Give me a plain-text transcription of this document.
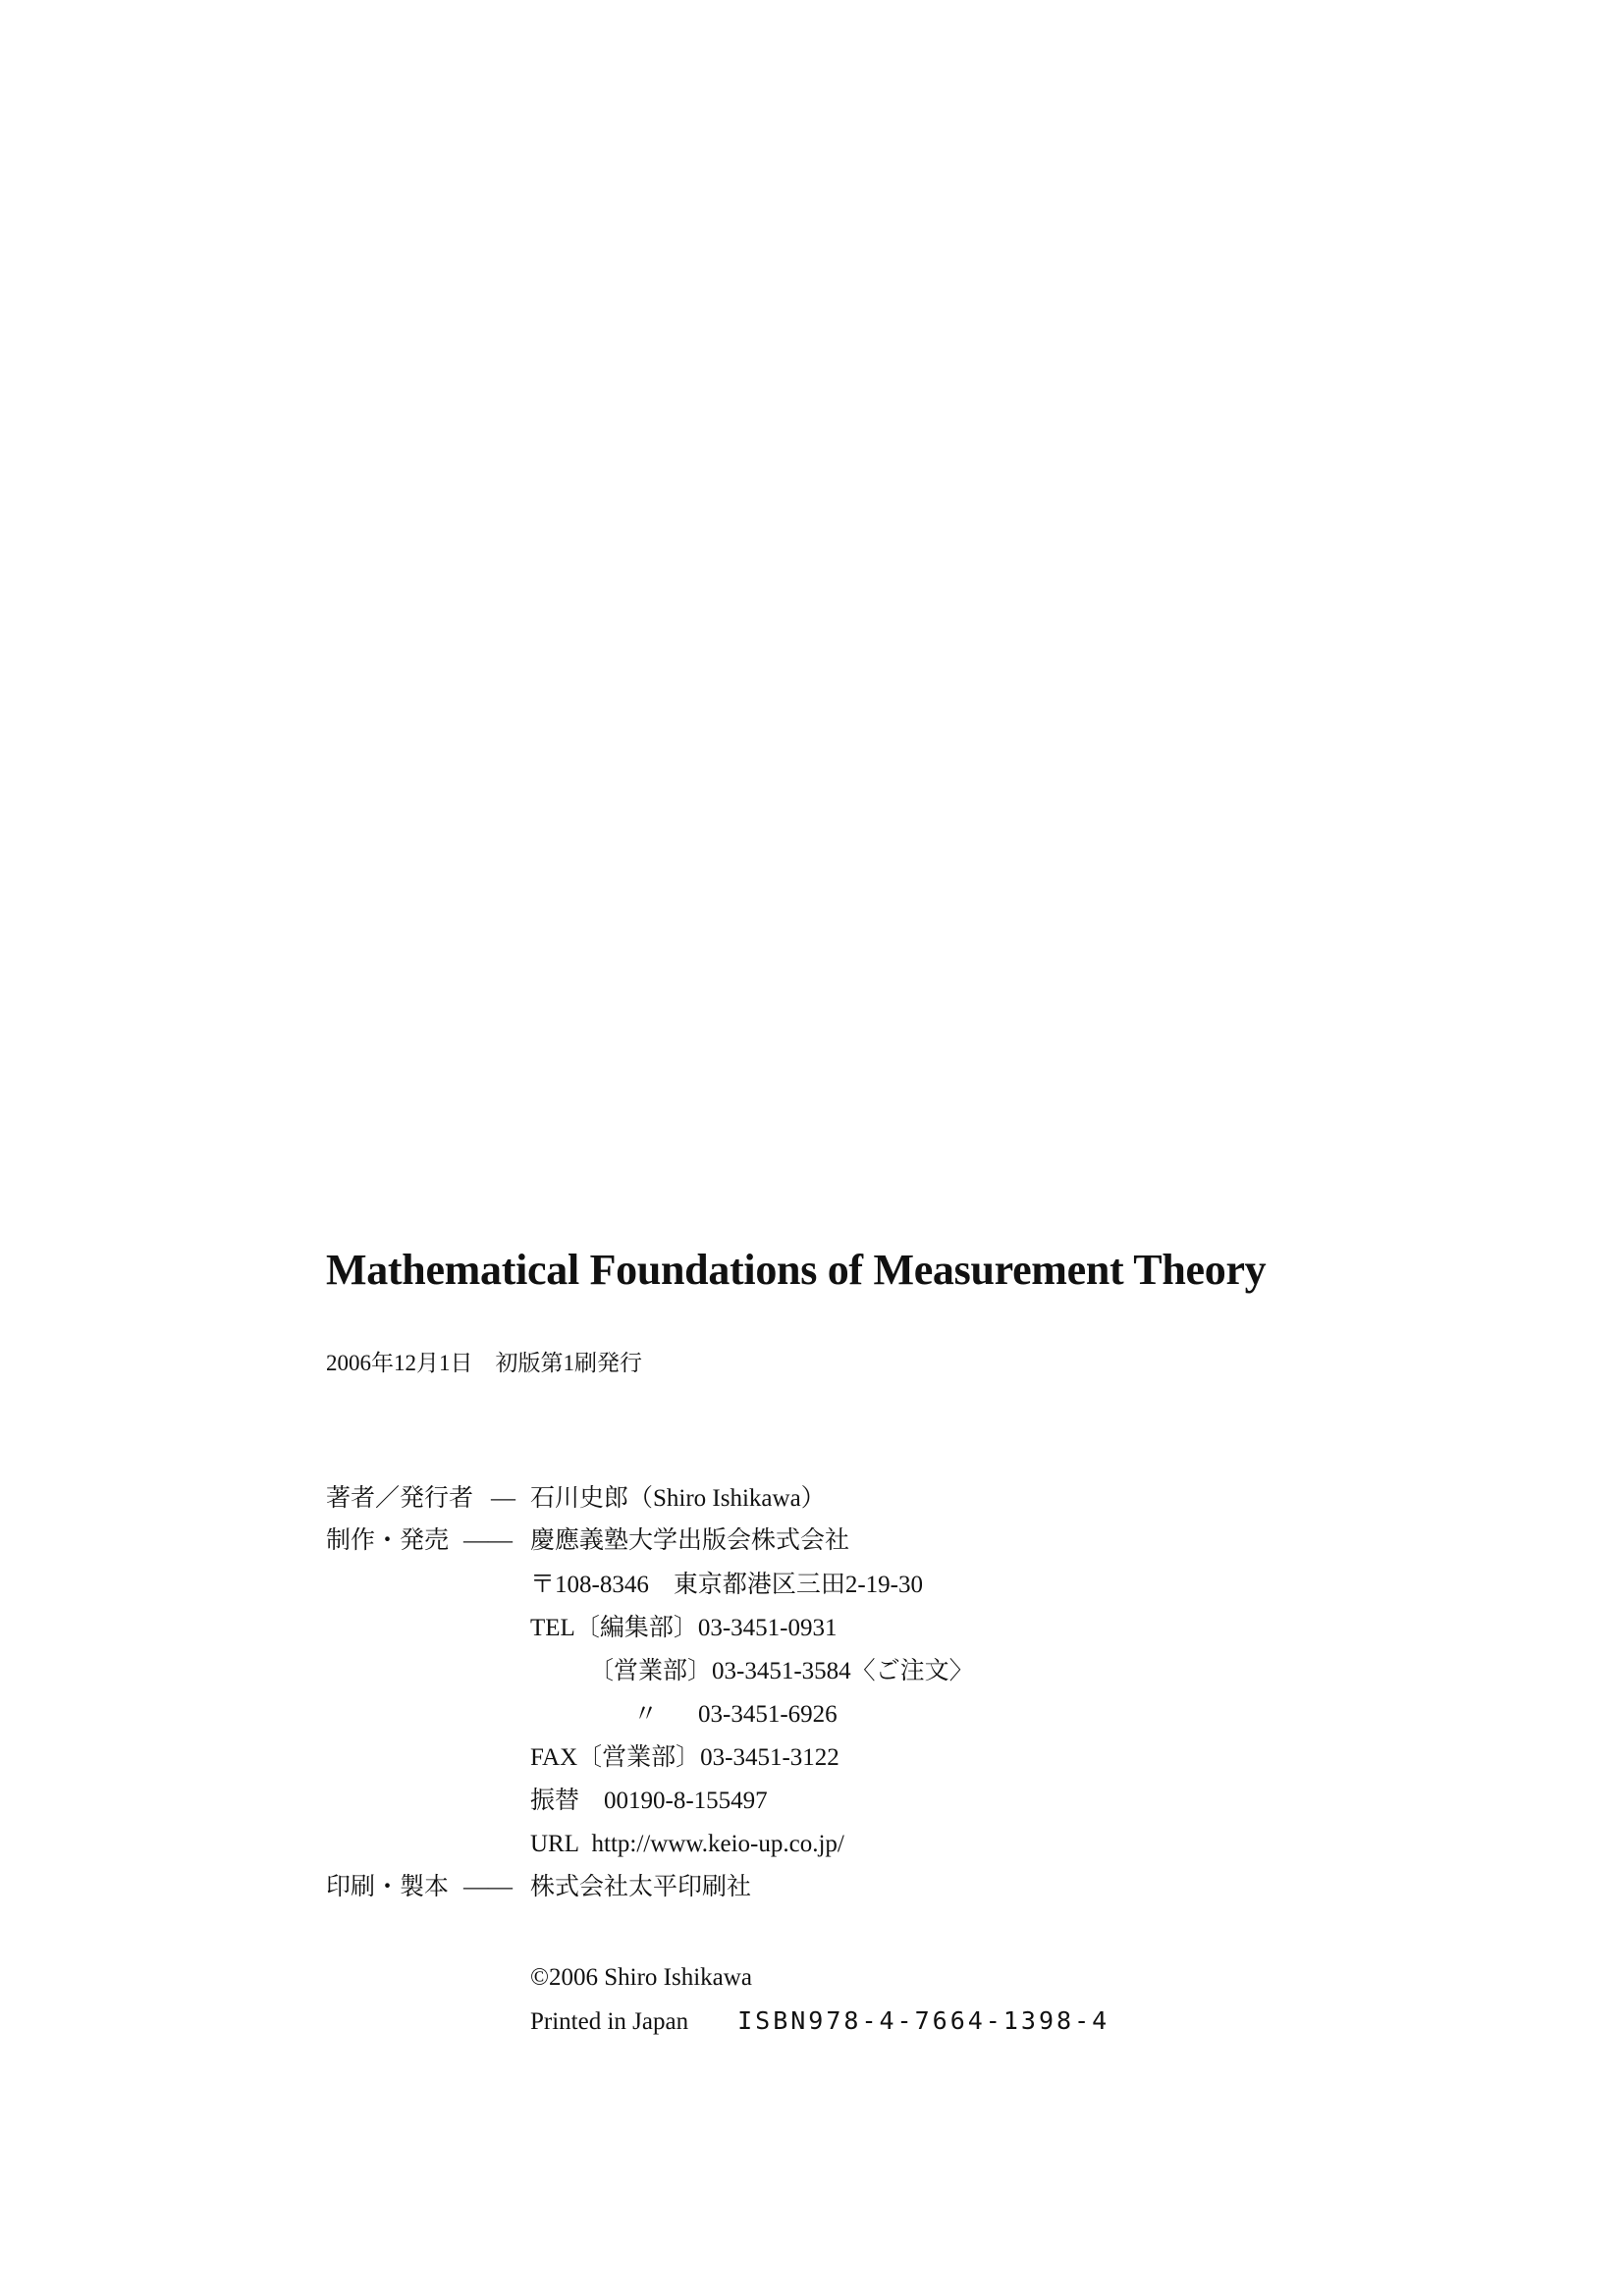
Mathematical Foundations of Measurement Theory
2006年12月1日　初版第1刷発行
著者／発行者 — 石川史郎（Shiro Ishikawa）
制作・発売 —— 慶應義塾大学出版会株式会社
〒108-8346　東京都港区三田2-19-30
TEL〔編集部〕03-3451-0931
〔営業部〕03-3451-3584〈ご注文〉
〃 03-3451-6926
FAX〔営業部〕03-3451-3122
振替　00190-8-155497
URL http://www.keio-up.co.jp/
印刷・製本 —— 株式会社太平印刷社
©2006 Shiro Ishikawa
Printed in Japan ISBN978-4-7664-1398-4
